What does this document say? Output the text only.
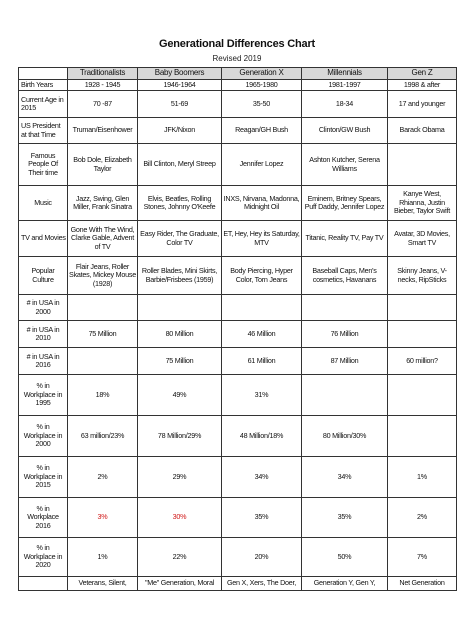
Generational Differences Chart
Revised 2019
	Traditionalists	Baby Boomers	Generation X	Millennials	Gen Z
Birth Years	1928 - 1945	1946-1964	1965-1980	1981-1997	1998 & after
Current Age in 2015	70 -87	51-69	35-50	18-34	17 and younger
US President at that Time	Truman/Eisenhower	JFK/Nixon	Reagan/GH Bush	Clinton/GW Bush	Barack Obama
Famous People Of Their time	Bob Dole, Elizabeth Taylor	Bill Clinton, Meryl Streep	Jennifer Lopez	Ashton Kutcher, Serena Williams	
Music	Jazz, Swing, Glen Miller, Frank Sinatra	Elvis, Beatles, Rolling Stones, Johnny O'Keefe	INXS, Nirvana, Madonna, Midnight Oil	Eminem, Britney Spears, Puff Daddy, Jennifer Lopez	Kanye West, Rhianna, Justin Bieber, Taylor Swift
TV and Movies	Gone With The Wind, Clarke Gable, Advent of TV	Easy Rider, The Graduate, Color TV	ET, Hey, Hey its Saturday, MTV	Titanic, Reality TV, Pay TV	Avatar, 3D Movies, Smart TV
Popular Culture	Flair Jeans, Roller Skates, Mickey Mouse (1928)	Roller Blades, Mini Skirts, Barbie/Frisbees (1959)	Body Piercing, Hyper Color, Torn Jeans	Baseball Caps, Men's cosmetics, Havanans	Skinny Jeans, V-necks, RipSticks
# in USA in 2000					
# in USA in 2010	75 Million	80 Million	46 Million	76 Million	
# in USA in 2016		75 Million	61 Million	87 Million	60 million?
% in Workplace in 1995	18%	49%	31%		
% in Workplace in 2000	63 million/23%	78 Million/29%	48 Million/18%	80 Million/30%	
% in Workplace in 2015	2%	29%	34%	34%	1%
% in Workplace 2016	3%	30%	35%	35%	2%
% in Workplace in 2020	1%	22%	20%	50%	7%
	Veterans, Silent,	"Me" Generation, Moral	Gen X, Xers, The Doer,	Generation Y, Gen Y,	Net Generation
